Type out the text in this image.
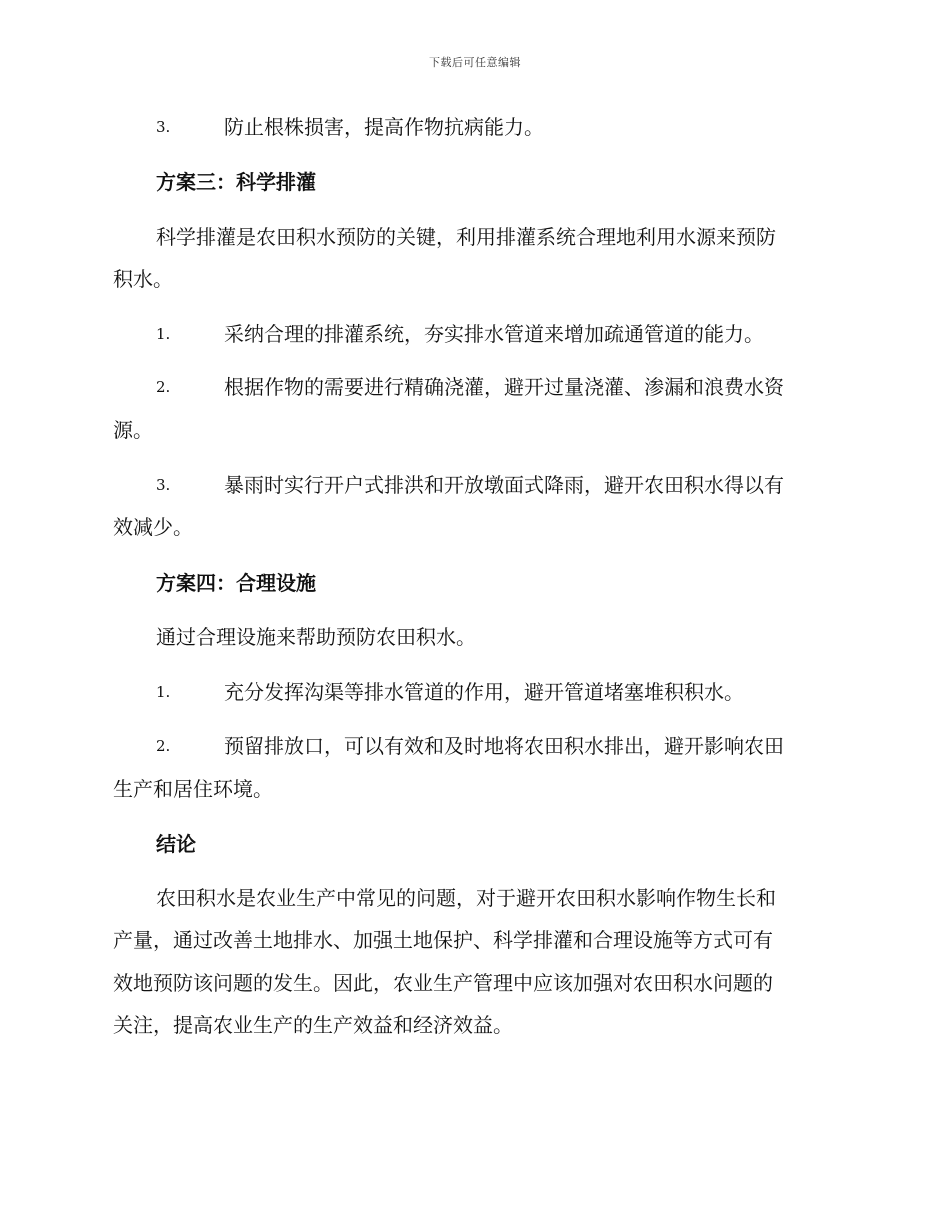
下载后可任意编辑
3.	防止根株损害，提高作物抗病能力。
方案三：科学排灌
科学排灌是农田积水预防的关键，利用排灌系统合理地利用水源来预防
积水。
1.	采纳合理的排灌系统，夯实排水管道来增加疏通管道的能力。
2.	根据作物的需要进行精确浇灌，避开过量浇灌、渗漏和浪费水资
源。
3.	暴雨时实行开户式排洪和开放墩面式降雨，避开农田积水得以有
效减少。
方案四：合理设施
通过合理设施来帮助预防农田积水。
1.	充分发挥沟渠等排水管道的作用，避开管道堵塞堆积积水。
2.	预留排放口，可以有效和及时地将农田积水排出，避开影响农田
生产和居住环境。
结论
农田积水是农业生产中常见的问题，对于避开农田积水影响作物生长和
产量，通过改善土地排水、加强土地保护、科学排灌和合理设施等方式可有
效地预防该问题的发生。因此，农业生产管理中应该加强对农田积水问题的
关注，提高农业生产的生产效益和经济效益。
